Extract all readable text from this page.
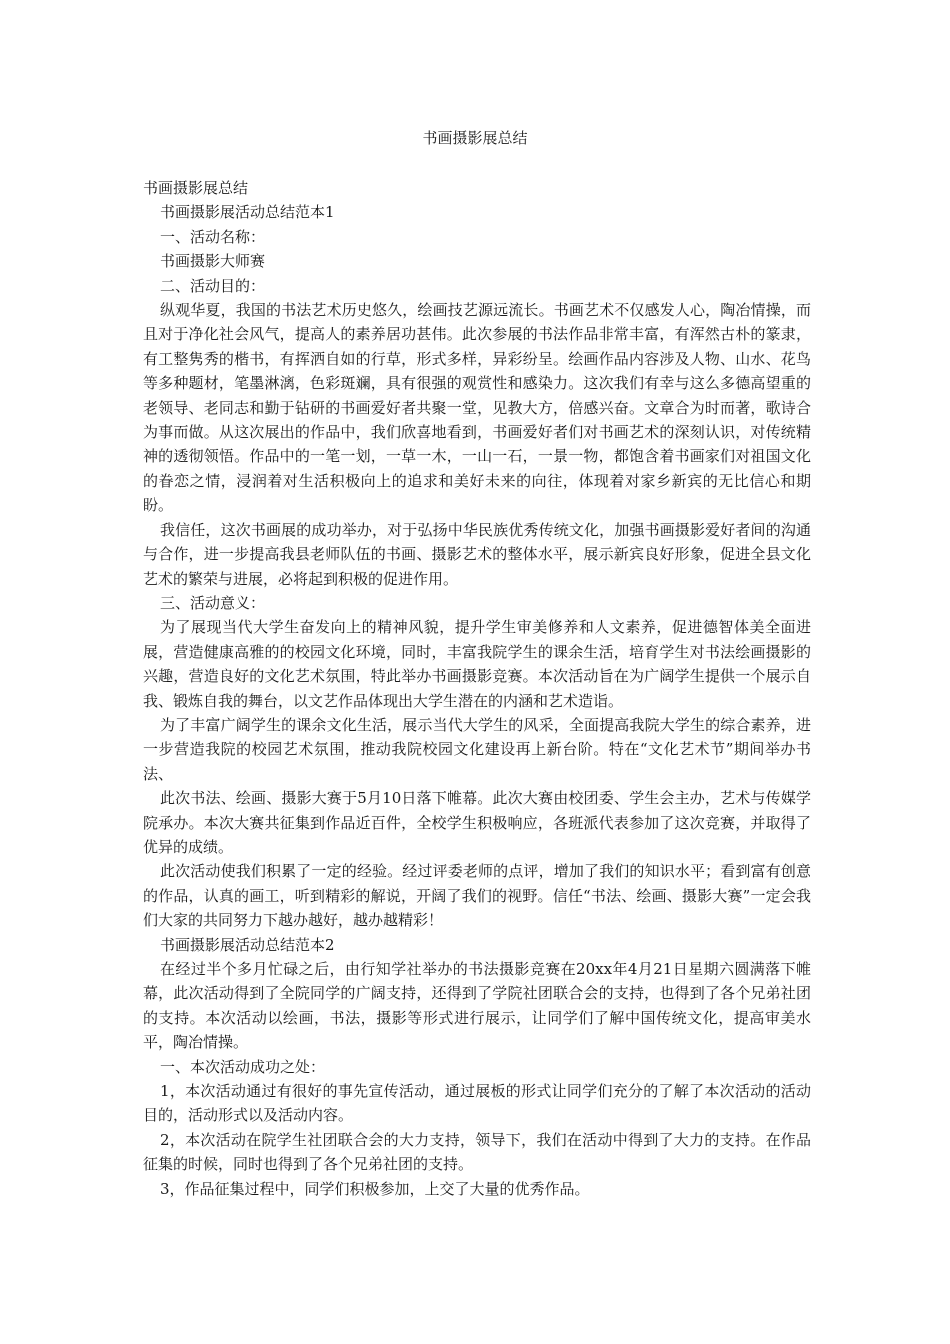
书画摄影展总结

书画摄影展总结

书画摄影展活动总结范本1

一、活动名称：

书画摄影大师赛

二、活动目的：

纵观华夏，我国的书法艺术历史悠久，绘画技艺源远流长。书画艺术不仅感发人心，陶冶情操，而且对于净化社会风气，提高人的素养居功甚伟。此次参展的书法作品非常丰富，有浑然古朴的篆隶，有工整隽秀的楷书，有挥洒自如的行草，形式多样，异彩纷呈。绘画作品内容涉及人物、山水、花鸟等多种题材，笔墨淋漓，色彩斑斓，具有很强的观赏性和感染力。这次我们有幸与这么多德高望重的老领导、老同志和勤于钻研的书画爱好者共聚一堂，见教大方，倍感兴奋。文章合为时而著，歌诗合为事而做。从这次展出的作品中，我们欣喜地看到，书画爱好者们对书画艺术的深刻认识，对传统精神的透彻领悟。作品中的一笔一划，一草一木，一山一石，一景一物，都饱含着书画家们对祖国文化的眷恋之情，浸润着对生活积极向上的追求和美好未来的向往，体现着对家乡新宾的无比信心和期盼。

我信任，这次书画展的成功举办，对于弘扬中华民族优秀传统文化，加强书画摄影爱好者间的沟通与合作，进一步提高我县老师队伍的书画、摄影艺术的整体水平，展示新宾良好形象，促进全县文化艺术的繁荣与进展，必将起到积极的促进作用。

三、活动意义：

为了展现当代大学生奋发向上的精神风貌，提升学生审美修养和人文素养，促进德智体美全面进展，营造健康高雅的的校园文化环境，同时，丰富我院学生的课余生活，培育学生对书法绘画摄影的兴趣，营造良好的文化艺术氛围，特此举办书画摄影竞赛。本次活动旨在为广阔学生提供一个展示自我、锻炼自我的舞台，以文艺作品体现出大学生潜在的内涵和艺术造诣。

为了丰富广阔学生的课余文化生活，展示当代大学生的风采，全面提高我院大学生的综合素养，进一步营造我院的校园艺术氛围，推动我院校园文化建设再上新台阶。特在“文化艺术节”期间举办书法、

此次书法、绘画、摄影大赛于5月10日落下帷幕。此次大赛由校团委、学生会主办，艺术与传媒学院承办。本次大赛共征集到作品近百件，全校学生积极响应，各班派代表参加了这次竞赛，并取得了优异的成绩。

此次活动使我们积累了一定的经验。经过评委老师的点评，增加了我们的知识水平；看到富有创意的作品，认真的画工，听到精彩的解说，开阔了我们的视野。信任“书法、绘画、摄影大赛”一定会我们大家的共同努力下越办越好，越办越精彩！

书画摄影展活动总结范本2

在经过半个多月忙碌之后，由行知学社举办的书法摄影竞赛在20xx年4月21日星期六圆满落下帷幕，此次活动得到了全院同学的广阔支持，还得到了学院社团联合会的支持，也得到了各个兄弟社团的支持。本次活动以绘画，书法，摄影等形式进行展示，让同学们了解中国传统文化，提高审美水平，陶冶情操。

一、本次活动成功之处：

1，本次活动通过有很好的事先宣传活动，通过展板的形式让同学们充分的了解了本次活动的活动目的，活动形式以及活动内容。

2，本次活动在院学生社团联合会的大力支持，领导下，我们在活动中得到了大力的支持。在作品征集的时候，同时也得到了各个兄弟社团的支持。

3，作品征集过程中，同学们积极参加，上交了大量的优秀作品。
